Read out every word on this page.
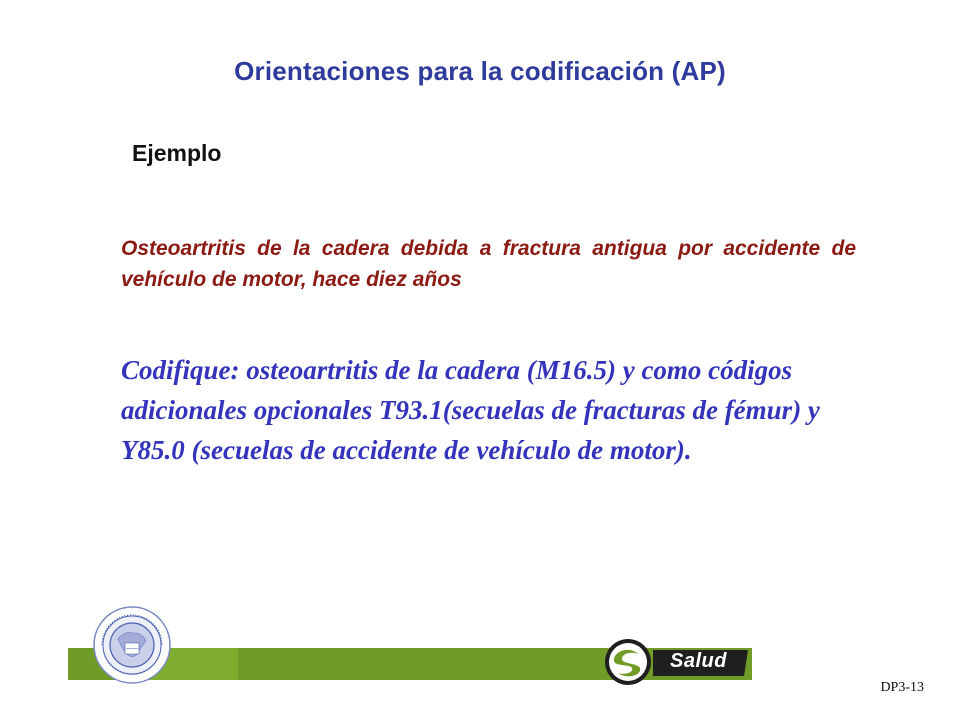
Orientaciones para la codificación (AP)
Ejemplo
Osteoartritis de la cadera debida a fractura antigua por accidente de vehículo de motor, hace diez años
Codifique: osteoartritis de la cadera (M16.5) y como códigos adicionales opcionales T93.1(secuelas de fracturas de fémur) y Y85.0 (secuelas de accidente de vehículo de motor).
Salud
DP3-13
